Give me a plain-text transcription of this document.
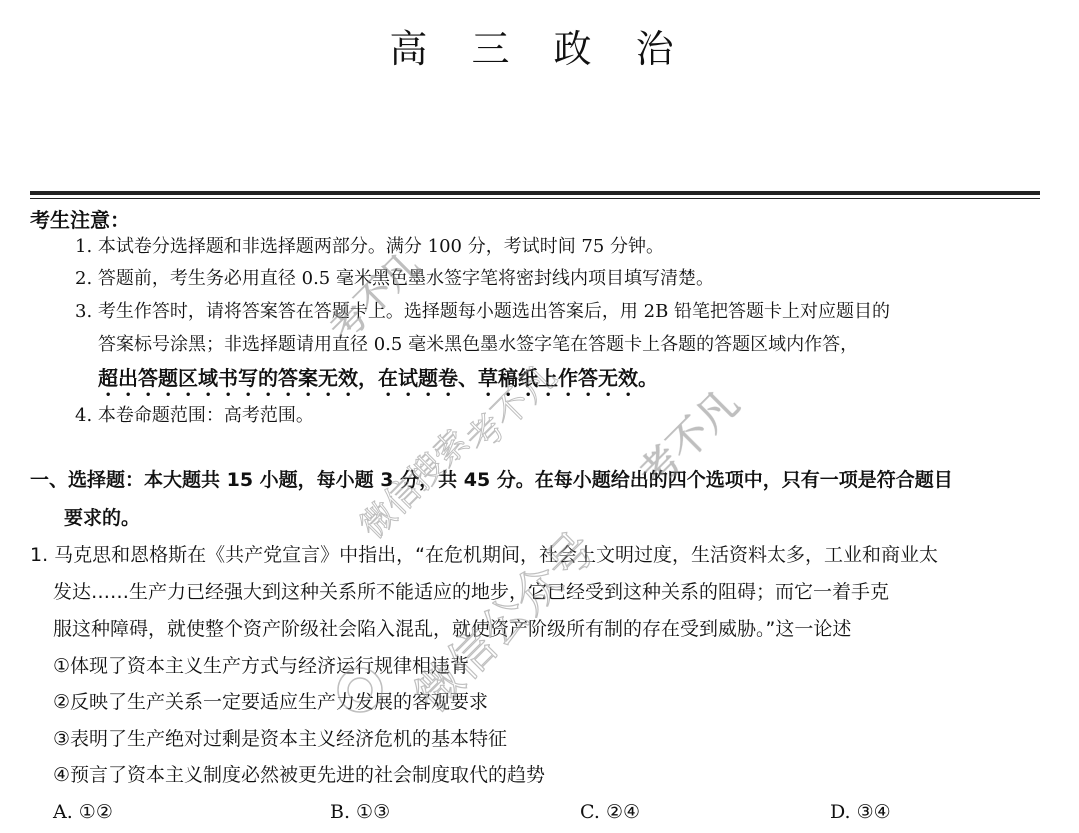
高 三 政 治
考生注意：
1. 本试卷分选择题和非选择题两部分。满分 100 分，考试时间 75 分钟。
2. 答题前，考生务必用直径 0.5 毫米黑色墨水签字笔将密封线内项目填写清楚。
3. 考生作答时，请将答案答在答题卡上。选择题每小题选出答案后，用 2B 铅笔把答题卡上对应题目的
答案标号涂黑；非选择题请用直径 0.5 毫米黑色墨水签字笔在答题卡上各题的答题区域内作答，
超出答题区域书写的答案无效，在试题卷、草稿纸上作答无效。
4. 本卷命题范围：高考范围。
一、选择题：本大题共 15 小题，每小题 3 分，共 45 分。在每小题给出的四个选项中，只有一项是符合题目
要求的。
1. 马克思和恩格斯在《共产党宣言》中指出，“在危机期间，社会上文明过度，生活资料太多，工业和商业太
发达……生产力已经强大到这种关系所不能适应的地步，它已经受到这种关系的阻碍；而它一着手克
服这种障碍，就使整个资产阶级社会陷入混乱，就使资产阶级所有制的存在受到威胁。”这一论述
①体现了资本主义生产方式与经济运行规律相违背
②反映了生产关系一定要适应生产力发展的客观要求
③表明了生产绝对过剩是资本主义经济危机的基本特征
④预言了资本主义制度必然被更先进的社会制度取代的趋势
A. ①②	B. ①③	C. ②④	D. ③④
考不凡
微信搜索
考不凡 考不凡
微信公众号
